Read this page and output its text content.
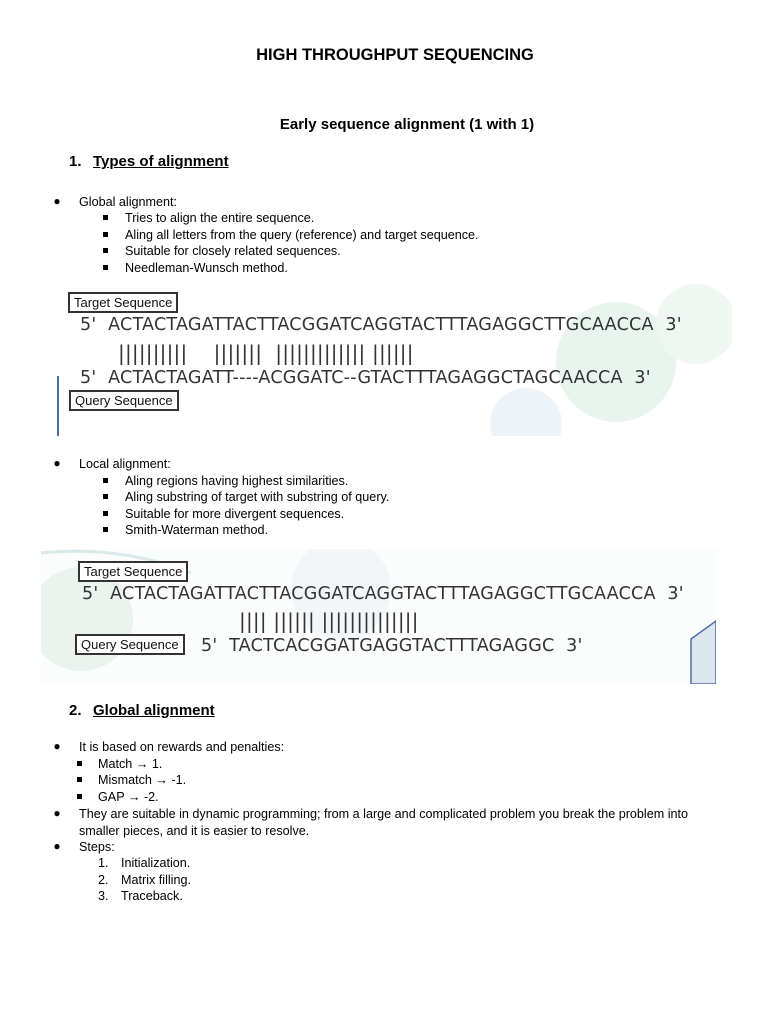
HIGH THROUGHPUT SEQUENCING
Early sequence alignment (1 with 1)
1. Types of alignment
● Global alignment:
Tries to align the entire sequence.
Aling all letters from the query (reference) and target sequence.
Suitable for closely related sequences.
Needleman-Wunsch method.
Target Sequence
5'  ACTACTAGATTACTTACGGATCAGGTACTTTAGAGGCTTGCAACCA  3'
||||||||||    |||||||  ||||||||||||| ||||||
5'  ACTACTAGATT----ACGGATC--GTACTTTAGAGGCTAGCAACCA  3'
Query Sequence
● Local alignment:
Aling regions having highest similarities.
Aling substring of target with substring of query.
Suitable for more divergent sequences.
Smith-Waterman method.
Target Sequence
5'  ACTACTAGATTACTTACGGATCAGGTACTTTAGAGGCTTGCAACCA  3'
|||| |||||| ||||||||||||||
Query Sequence	5'  TACTCACGGATGAGGTACTTTAGAGGC  3'
2. Global alignment
● It is based on rewards and penalties:
Match → 1.
Mismatch → -1.
GAP → -2.
● They are suitable in dynamic programming; from a large and complicated problem you break the problem into
smaller pieces, and it is easier to resolve.
● Steps:
1. Initialization.
2. Matrix filling.
3. Traceback.
